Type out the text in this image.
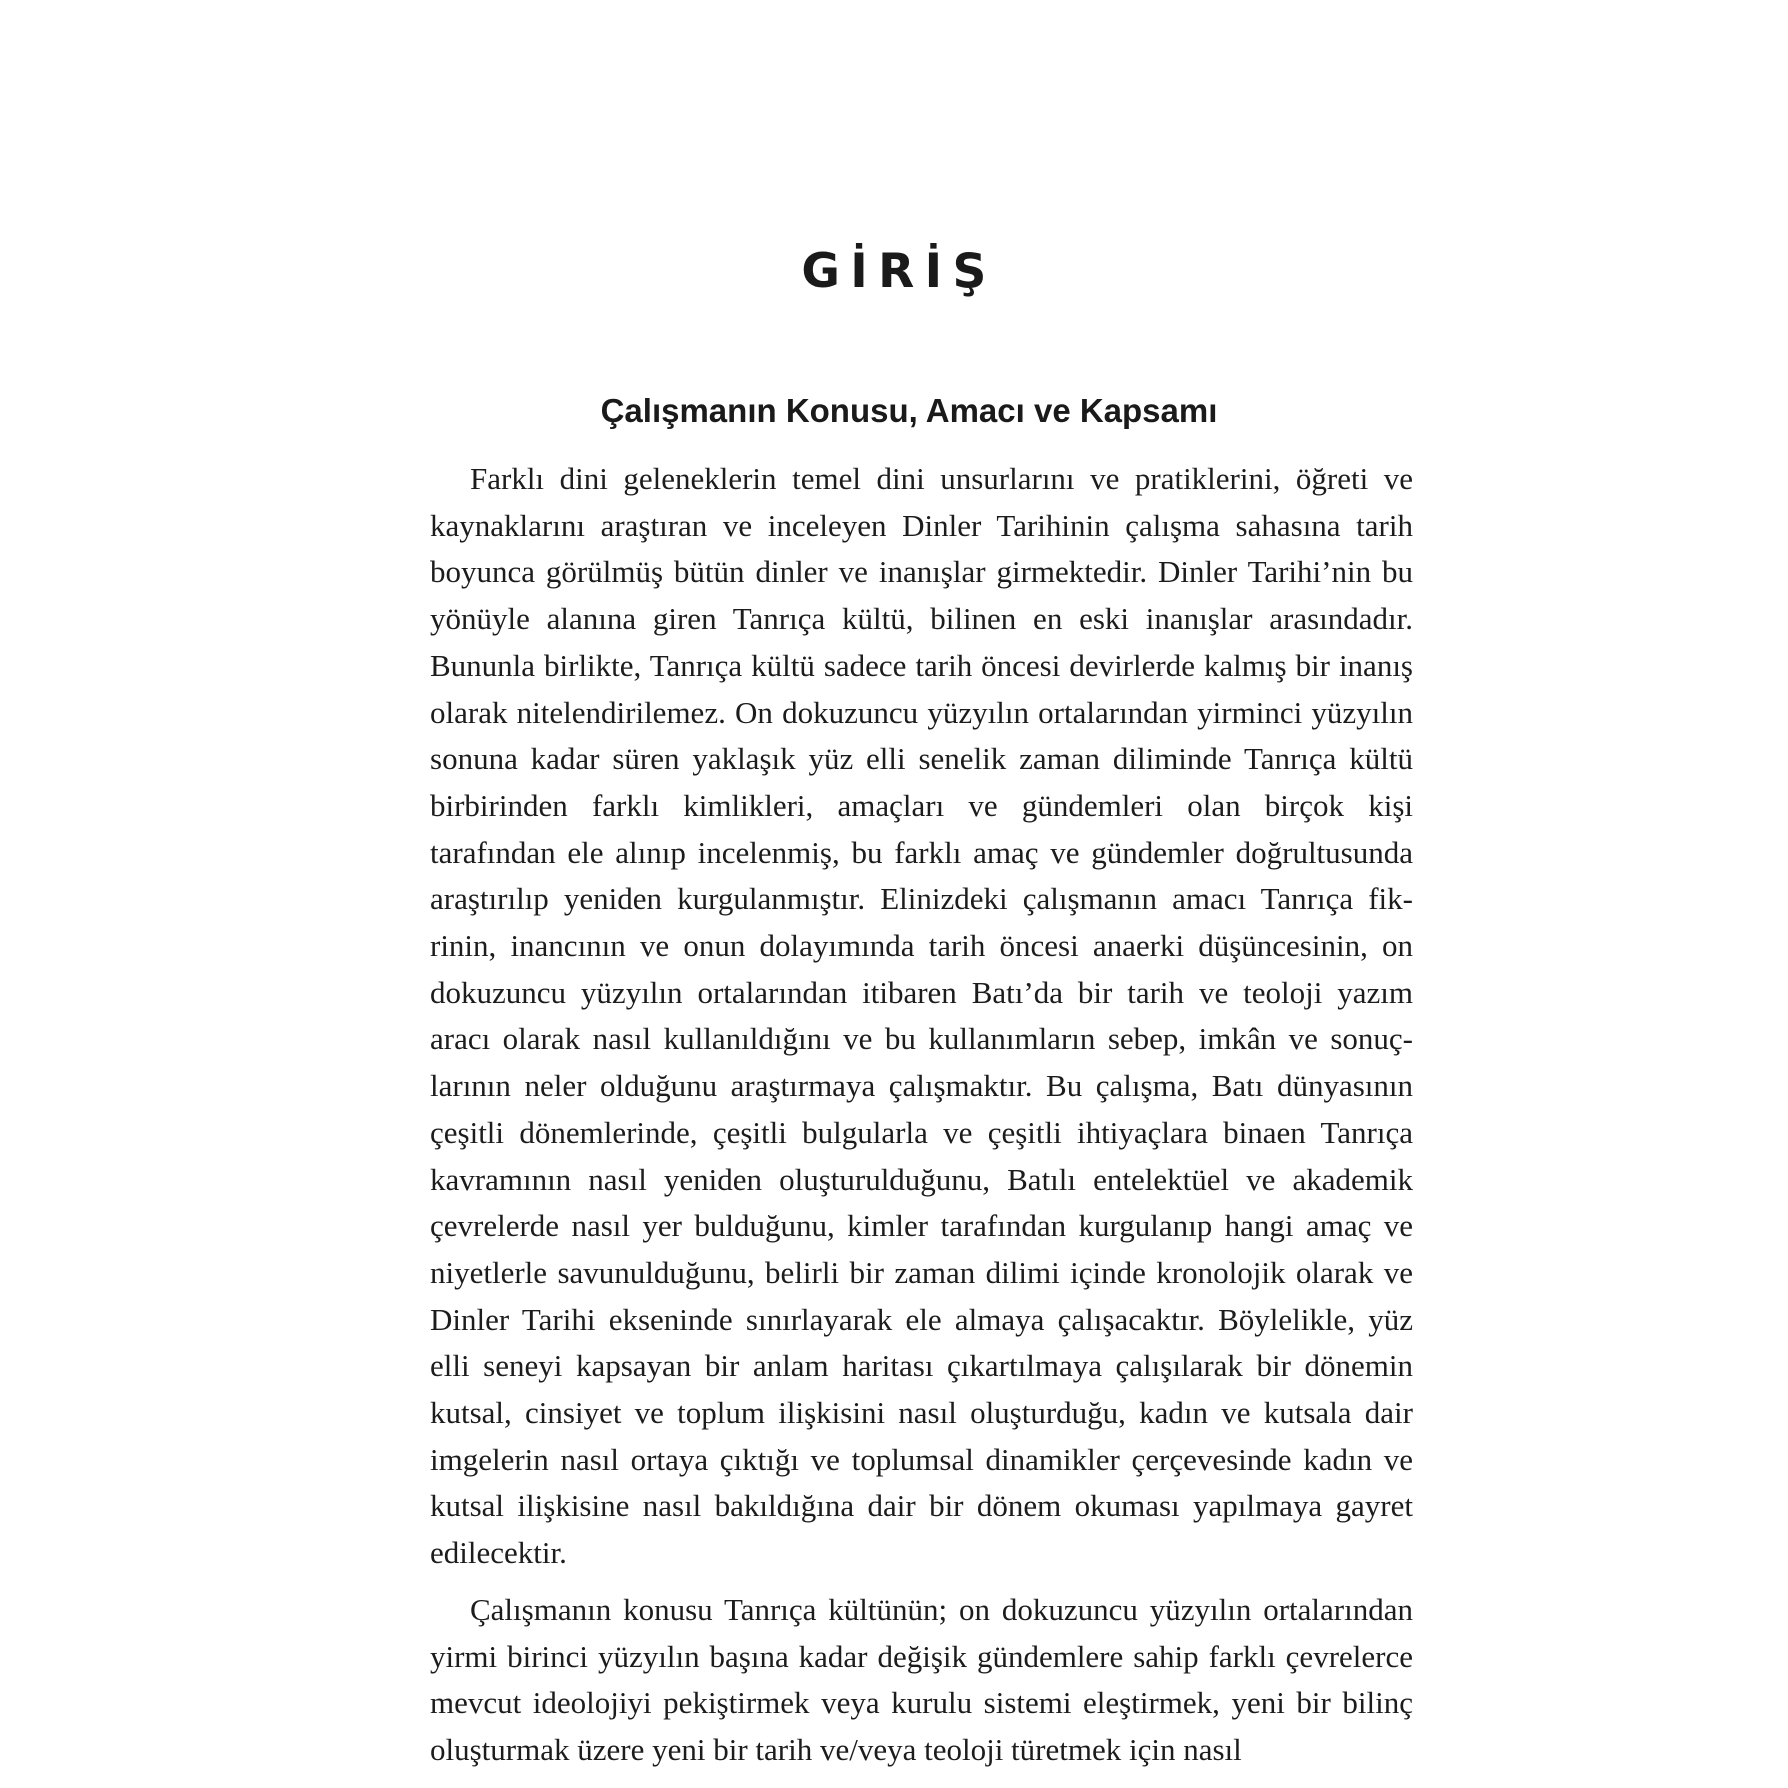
GİRİŞ
Çalışmanın Konusu, Amacı ve Kapsamı

Farklı dini geleneklerin temel dini unsurlarını ve pratiklerini, öğreti ve kaynaklarını araştıran ve inceleyen Dinler Tarihinin çalışma sahasına tarih boyunca görülmüş bütün dinler ve inanışlar girmektedir. Dinler Tarihi’nin bu yönüyle alanına giren Tanrıça kültü, bilinen en eski inanışlar arasındadır. Bununla birlikte, Tanrıça kültü sadece tarih öncesi devirlerde kalmış bir inanış olarak nitelendirilemez. On dokuzuncu yüzyılın ortalarından yirminci yüzyılın sonuna kadar süren yaklaşık yüz elli senelik zaman diliminde Tanrıça kültü birbirinden farklı kimlikleri, amaçları ve gündemleri olan birçok kişi tarafından ele alınıp incelenmiş, bu farklı amaç ve gündemler doğrultusunda araştırılıp yeniden kurgulanmıştır. Elinizdeki çalışmanın amacı Tanrıça fikrinin, inancının ve onun dolayımında tarih öncesi anaerki düşüncesinin, on dokuzuncu yüzyılın ortalarından itibaren Batı’da bir tarih ve teoloji yazım aracı olarak nasıl kullanıldığını ve bu kullanımların sebep, imkân ve sonuçlarının neler olduğunu araştırmaya çalışmaktır. Bu çalışma, Batı dünyasının çeşitli dönemlerinde, çeşitli bulgularla ve çeşitli ihtiyaçlara binaen Tanrıça kavramının nasıl yeniden oluşturulduğunu, Batılı entelektüel ve akademik çevrelerde nasıl yer bulduğunu, kimler tarafından kurgulanıp hangi amaç ve niyetlerle savunulduğunu, belirli bir zaman dilimi içinde kronolojik olarak ve Dinler Tarihi ekseninde sınırlayarak ele almaya çalışacaktır. Böylelikle, yüz elli seneyi kapsayan bir anlam haritası çıkartılmaya çalışılarak bir dönemin kutsal, cinsiyet ve toplum ilişkisini nasıl oluşturduğu, kadın ve kutsala dair imgelerin nasıl ortaya çıktığı ve toplumsal dinamikler çerçevesinde kadın ve kutsal ilişkisine nasıl bakıldığına dair bir dönem okuması yapılmaya gayret edilecektir.

Çalışmanın konusu Tanrıça kültünün; on dokuzuncu yüzyılın ortalarından yirmi birinci yüzyılın başına kadar değişik gündemlere sahip farklı çevrelerce mevcut ideolojiyi pekiştirmek veya kurulu sistemi eleştirmek, yeni bir bilinç oluşturmak üzere yeni bir tarih ve/veya teoloji türetmek için nasıl
